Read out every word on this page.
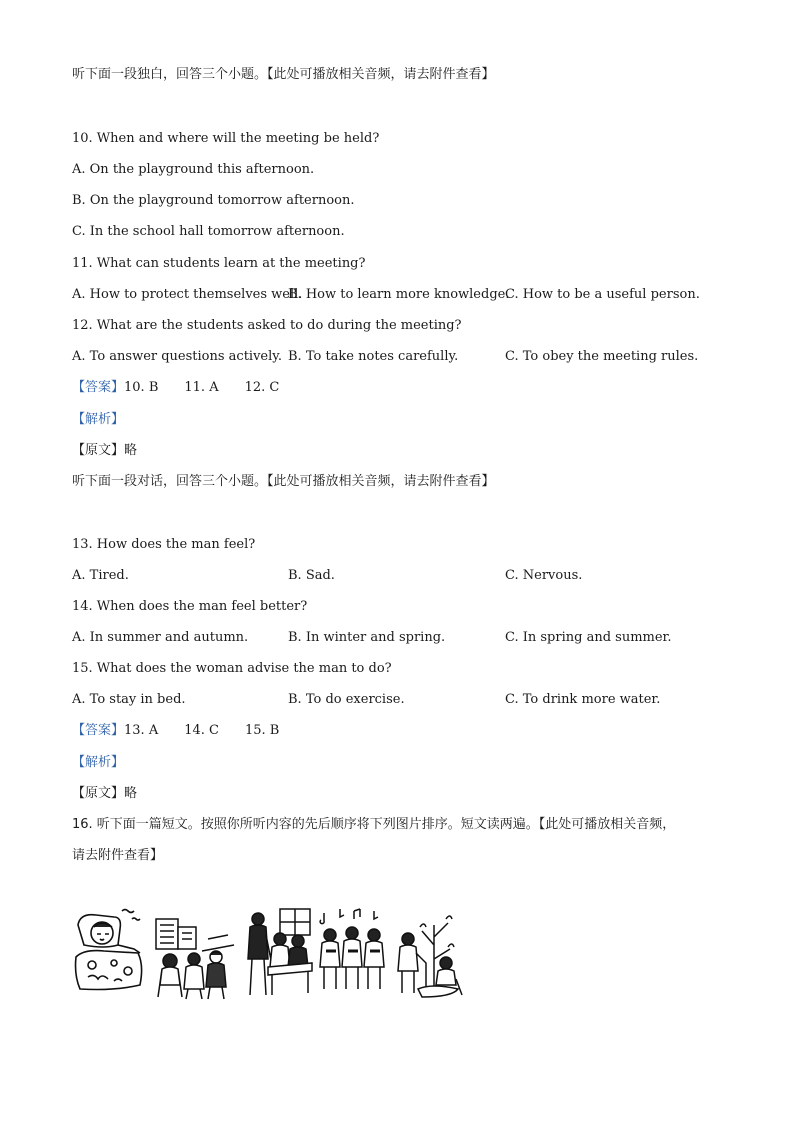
听下面一段独白，回答三个小题。【此处可播放相关音频，请去附件查看】
10. When and where will the meeting be held?
A. On the playground this afternoon.
B. On the playground tomorrow afternoon.
C. In the school hall tomorrow afternoon.
11. What can students learn at the meeting?
A. How to protect themselves well.
B. How to learn more knowledge.
C. How to be a useful person.
12. What are the students asked to do during the meeting?
A. To answer questions actively. B. To take notes carefully.	C. To obey the meeting rules.
【答案】10. B 11. A 12. C
【解析】
【原文】略
听下面一段对话，回答三个小题。【此处可播放相关音频，请去附件查看】
13. How does the man feel?
A. Tired.	B. Sad.	C. Nervous.
14. When does the man feel better?
A. In summer and autumn.	B. In winter and spring.	C. In spring and summer.
15. What does the woman advise the man to do?
A. To stay in bed.	B. To do exercise.	C. To drink more water.
【答案】13. A 14. C 15. B
【解析】
【原文】略
16. 听下面一篇短文。按照你所听内容的先后顺序将下列图片排序。短文读两遍。【此处可播放相关音频，
请去附件查看】
